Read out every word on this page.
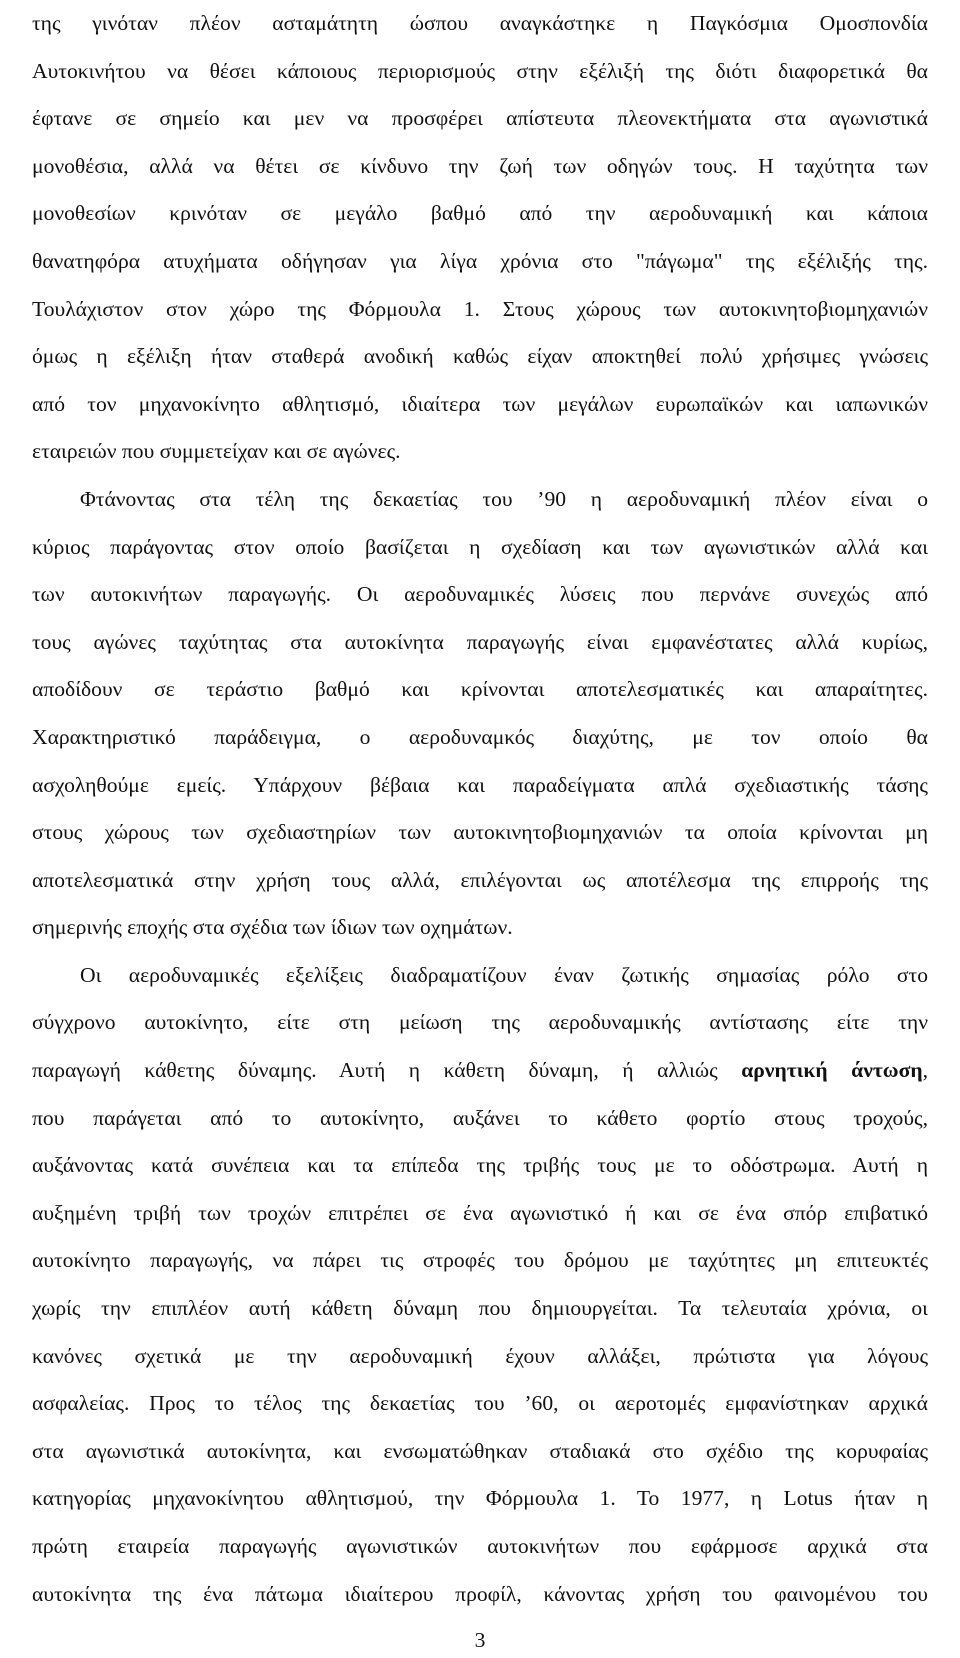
της γινόταν πλέον ασταμάτητη ώσπου αναγκάστηκε η Παγκόσμια Ομοσπονδία
Αυτοκινήτου να θέσει κάποιους περιορισμούς στην εξέλιξή της διότι διαφορετικά θα
έφτανε σε σημείο και μεν να προσφέρει απίστευτα πλεονεκτήματα στα αγωνιστικά
μονοθέσια, αλλά να θέτει σε κίνδυνο την ζωή των οδηγών τους. Η ταχύτητα των
μονοθεσίων κρινόταν σε μεγάλο βαθμό από την αεροδυναμική και κάποια
θανατηφόρα ατυχήματα οδήγησαν για λίγα χρόνια στο "πάγωμα" της εξέλιξής της.
Τουλάχιστον στον χώρο της Φόρμουλα 1. Στους χώρους των αυτοκινητοβιομηχανιών
όμως η εξέλιξη ήταν σταθερά ανοδική καθώς είχαν αποκτηθεί πολύ χρήσιμες γνώσεις
από τον μηχανοκίνητο αθλητισμό, ιδιαίτερα των μεγάλων ευρωπαϊκών και ιαπωνικών
εταιρειών που συμμετείχαν και σε αγώνες.
Φτάνοντας στα τέλη της δεκαετίας του ’90 η αεροδυναμική πλέον είναι ο
κύριος παράγοντας στον οποίο βασίζεται η σχεδίαση και των αγωνιστικών αλλά και
των αυτοκινήτων παραγωγής. Οι αεροδυναμικές λύσεις που περνάνε συνεχώς από
τους αγώνες ταχύτητας στα αυτοκίνητα παραγωγής είναι εμφανέστατες αλλά κυρίως,
αποδίδουν σε τεράστιο βαθμό και κρίνονται αποτελεσματικές και απαραίτητες.
Χαρακτηριστικό παράδειγμα, ο αεροδυναμκός διαχύτης, με τον οποίο θα
ασχοληθούμε εμείς. Υπάρχουν βέβαια και παραδείγματα απλά σχεδιαστικής τάσης
στους χώρους των σχεδιαστηρίων των αυτοκινητοβιομηχανιών τα οποία κρίνονται μη
αποτελεσματικά στην χρήση τους αλλά, επιλέγονται ως αποτέλεσμα της επιρροής της
σημερινής εποχής στα σχέδια των ίδιων των οχημάτων.
Οι αεροδυναμικές εξελίξεις διαδραματίζουν έναν ζωτικής σημασίας ρόλο στο
σύγχρονο αυτοκίνητο, είτε στη μείωση της αεροδυναμικής αντίστασης είτε την
παραγωγή κάθετης δύναμης. Αυτή η κάθετη δύναμη, ή αλλιώς αρνητική άντωση,
που παράγεται από το αυτοκίνητο, αυξάνει το κάθετο φορτίο στους τροχούς,
αυξάνοντας κατά συνέπεια και τα επίπεδα της τριβής τους με το οδόστρωμα. Αυτή η
αυξημένη τριβή των τροχών επιτρέπει σε ένα αγωνιστικό ή και σε ένα σπόρ επιβατικό
αυτοκίνητο παραγωγής, να πάρει τις στροφές του δρόμου με ταχύτητες μη επιτευκτές
χωρίς την επιπλέον αυτή κάθετη δύναμη που δημιουργείται. Τα τελευταία χρόνια, οι
κανόνες σχετικά με την αεροδυναμική έχουν αλλάξει, πρώτιστα για λόγους
ασφαλείας. Προς το τέλος της δεκαετίας του ’60, οι αεροτομές εμφανίστηκαν αρχικά
στα αγωνιστικά αυτοκίνητα, και ενσωματώθηκαν σταδιακά στο σχέδιο της κορυφαίας
κατηγορίας μηχανοκίνητου αθλητισμού, την Φόρμουλα 1. Το 1977, η Lotus ήταν η
πρώτη εταιρεία παραγωγής αγωνιστικών αυτοκινήτων που εφάρμοσε αρχικά στα
αυτοκίνητα της ένα πάτωμα ιδιαίτερου προφίλ, κάνοντας χρήση του φαινομένου του
3
